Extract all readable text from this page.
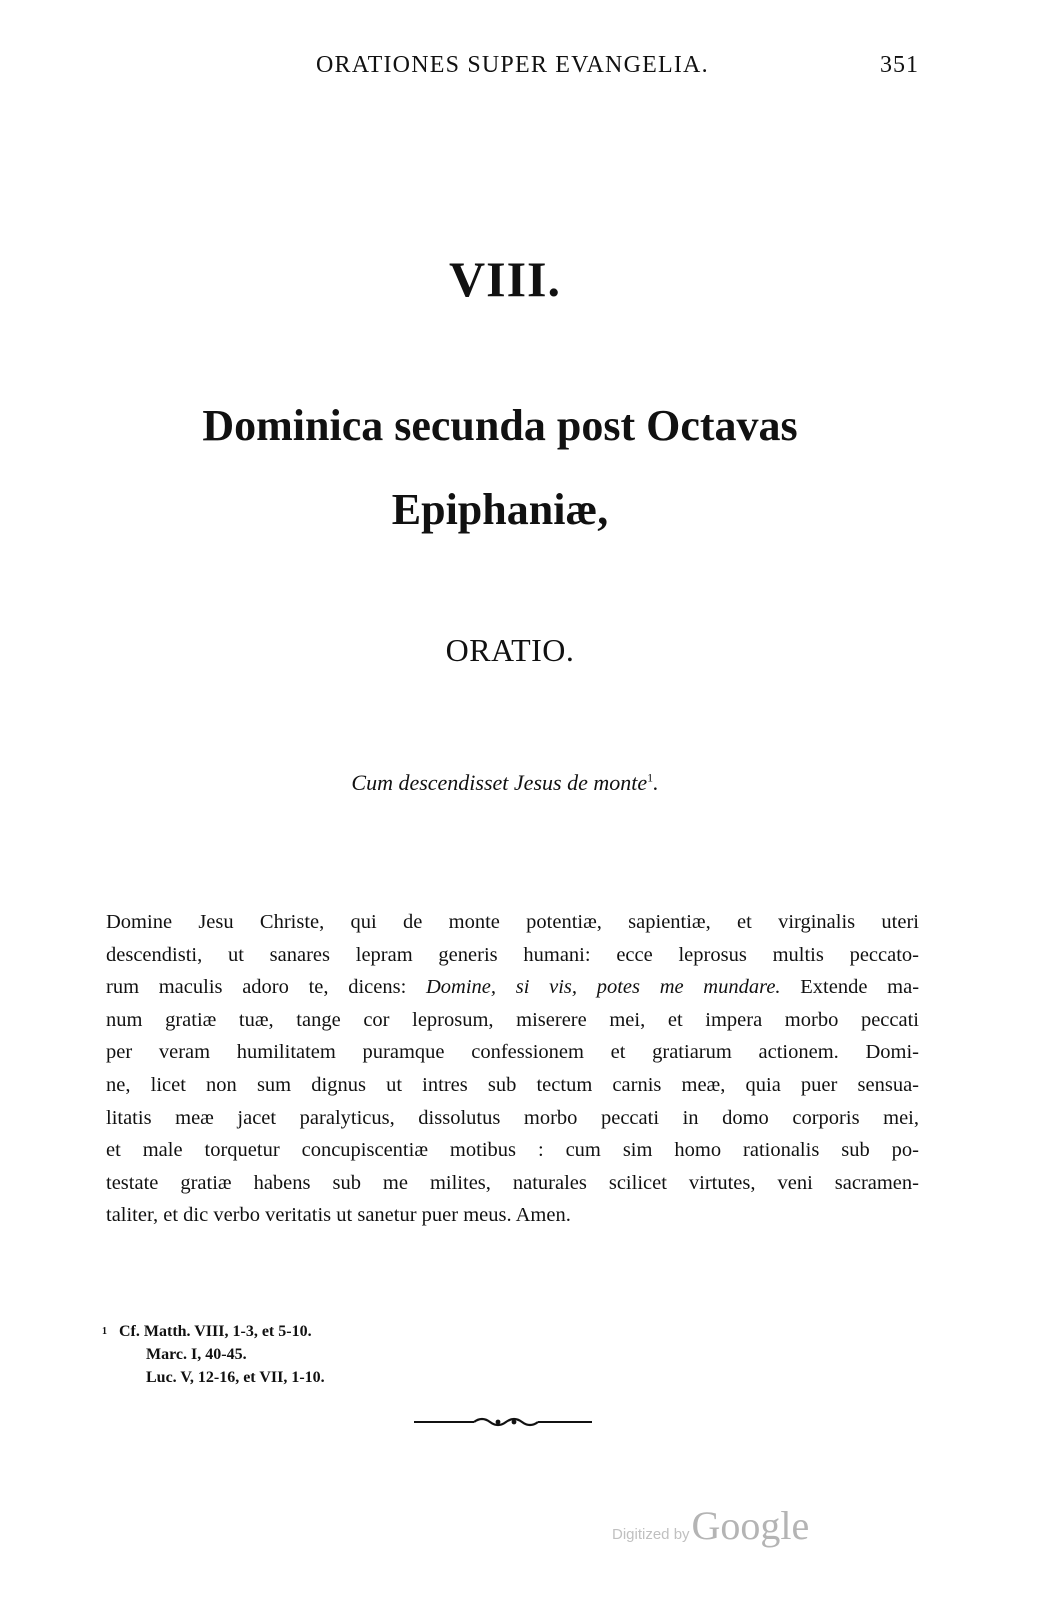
ORATIONES SUPER EVANGELIA.	351
VIII.
Dominica secunda post Octavas
Epiphaniæ,
ORATIO.
Cum descendisset Jesus de monte$^1$.
Domine Jesu Christe, qui de monte potentiæ, sapientiæ, et virginalis uteri
descendisti, ut sanares lepram generis humani: ecce leprosus multis peccato-
rum maculis adoro te, dicens: Domine, si vis, potes me mundare. Extende ma-
num gratiæ tuæ, tange cor leprosum, miserere mei, et impera morbo peccati
per veram humilitatem puramque confessionem et gratiarum actionem. Domi-
ne, licet non sum dignus ut intres sub tectum carnis meæ, quia puer sensua-
litatis meæ jacet paralyticus, dissolutus morbo peccati in domo corporis mei,
et male torquetur concupiscentiæ motibus : cum sim homo rationalis sub po-
testate gratiæ habens sub me milites, naturales scilicet virtutes, veni sacramen-
taliter, et dic verbo veritatis ut sanetur puer meus. Amen.
$^1$ Cf. Matth. VIII, 1-3, et 5-10.
Marc. I, 40-45.
Luc. V, 12-16, et VII, 1-10.
Digitized byGoogle
